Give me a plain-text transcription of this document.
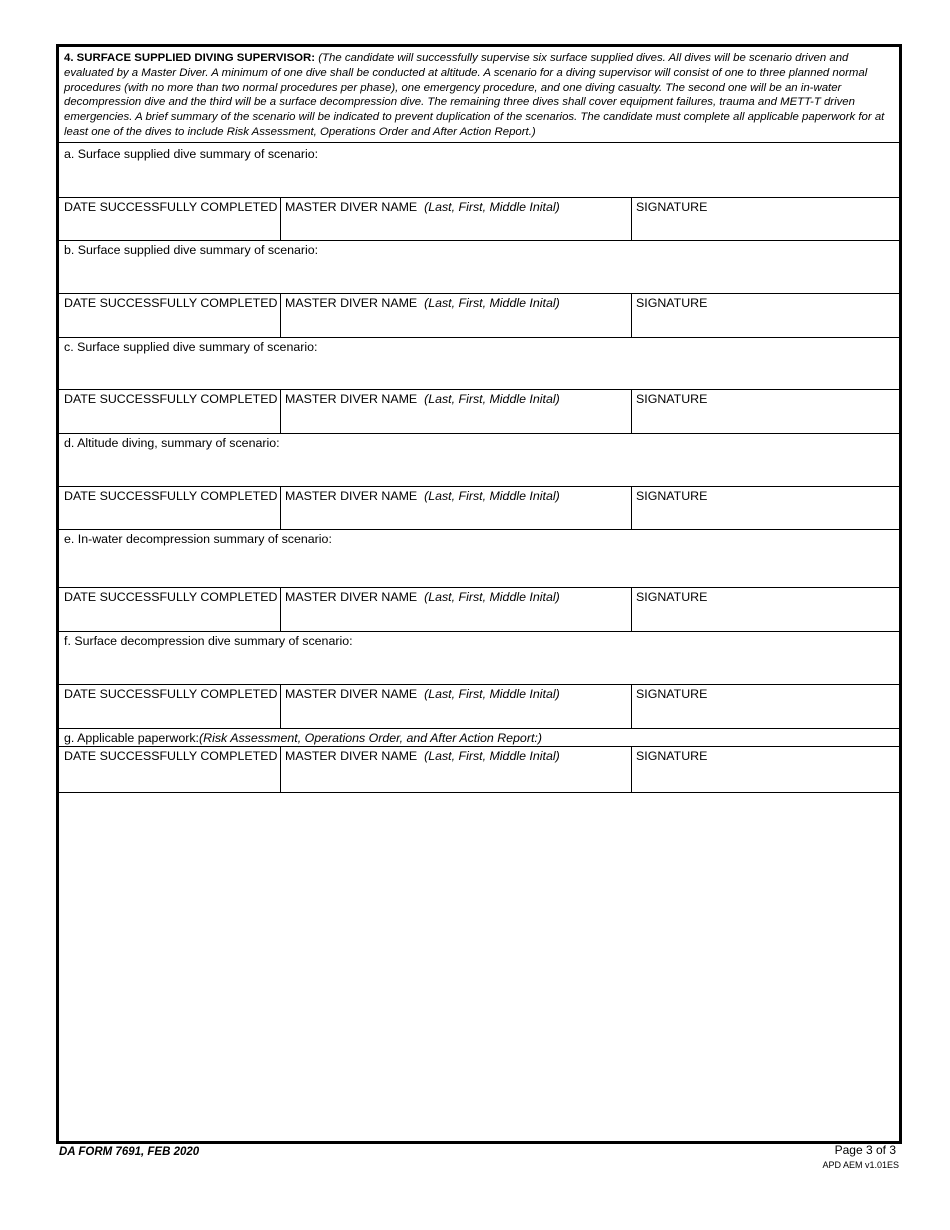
4. SURFACE SUPPLIED DIVING SUPERVISOR: (The candidate will successfully supervise six surface supplied dives. All dives will be scenario driven and evaluated by a Master Diver. A minimum of one dive shall be conducted at altitude. A scenario for a diving supervisor will consist of one to three planned normal procedures (with no more than two normal procedures per phase), one emergency procedure, and one diving casualty. The second one will be an in-water decompression dive and the third will be a surface decompression dive. The remaining three dives shall cover equipment failures, trauma and METT-T driven emergencies. A brief summary of the scenario will be indicated to prevent duplication of the scenarios. The candidate must complete all applicable paperwork for at least one of the dives to include Risk Assessment, Operations Order and After Action Report.)
a. Surface supplied dive summary of scenario:
DATE SUCCESSFULLY COMPLETED MASTER DIVER NAME (Last, First, Middle Inital)	SIGNATURE
b. Surface supplied dive summary of scenario:
DATE SUCCESSFULLY COMPLETED MASTER DIVER NAME (Last, First, Middle Inital)	SIGNATURE
c. Surface supplied dive summary of scenario:
DATE SUCCESSFULLY COMPLETED MASTER DIVER NAME (Last, First, Middle Inital)	SIGNATURE
d. Altitude diving, summary of scenario:
DATE SUCCESSFULLY COMPLETED MASTER DIVER NAME (Last, First, Middle Inital)	SIGNATURE
e. In-water decompression summary of scenario:
DATE SUCCESSFULLY COMPLETED MASTER DIVER NAME (Last, First, Middle Inital)	SIGNATURE
f. Surface decompression dive summary of scenario:
DATE SUCCESSFULLY COMPLETED MASTER DIVER NAME (Last, First, Middle Inital)	SIGNATURE
g. Applicable paperwork:(Risk Assessment, Operations Order, and After Action Report:)
DATE SUCCESSFULLY COMPLETED MASTER DIVER NAME (Last, First, Middle Inital)	SIGNATURE
DA FORM 7691, FEB 2020	Page 3 of 3
APD AEM v1.01ES
